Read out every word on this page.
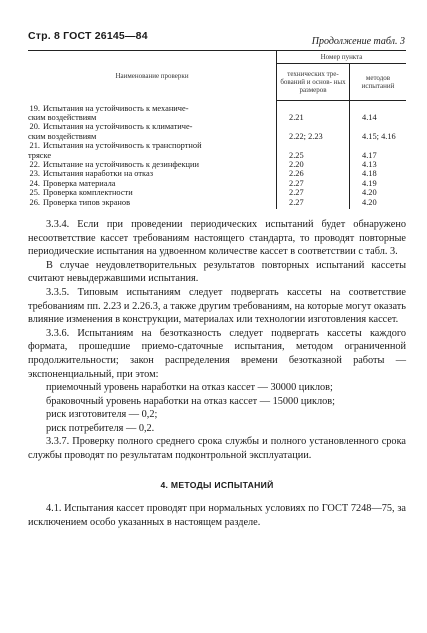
Стр. 8 ГОСТ 26145—84	Продолжение табл. 3
Наименование проверки	Номер пункта	
	технических тре- бований и основ- ных размеров	методов испытаний
19. Испытания на устойчивость к механиче-		
ским воздействиям	2.21	4.14
20. Испытания на устойчивость к климатиче-		
ским воздействиям	2.22; 2.23	4.15; 4.16
21. Испытания на устойчивость к транспортной		
тряске	2.25	4.17
22. Испытание на устойчивость к дезинфекции	2.20	4.13
23. Испытания наработки на отказ	2.26	4.18
24. Проверка материала	2.27	4.19
25. Проверка комплектности	2.27	4.20
26. Проверка типов экранов	2.27	4.20

3.3.4. Если при проведении периодических испытаний будет обнаружено несоответствие кассет требованиям настоящего стандарта, то проводят повторные периодические испытания на удвоенном количестве кассет в соответствии с табл. 3.

В случае неудовлетворительных результатов повторных испытаний кассеты считают невыдержавшими испытания.

3.3.5. Типовым испытаниям следует подвергать кассеты на соответствие требованиям пп. 2.23 и 2.26.3, а также другим требованиям, на которые могут оказать влияние изменения в конструкции, материалах или технологии изготовления кассет.

3.3.6. Испытаниям на безотказность следует подвергать кассеты каждого формата, прошедшие приемо-сдаточные испытания, методом ограниченной продолжительности; закон распределения времени безотказной работы — экспоненциальный, при этом:

приемочный уровень наработки на отказ кассет — 30000 циклов;

браковочный уровень наработки на отказ кассет — 15000 циклов;

риск изготовителя — 0,2;

риск потребителя — 0,2.

3.3.7. Проверку полного среднего срока службы и полного установленного срока службы проводят по результатам подконтрольной эксплуатации.

4. МЕТОДЫ ИСПЫТАНИЙ

4.1. Испытания кассет проводят при нормальных условиях по ГОСТ 7248—75, за исключением особо указанных в настоящем разделе.
